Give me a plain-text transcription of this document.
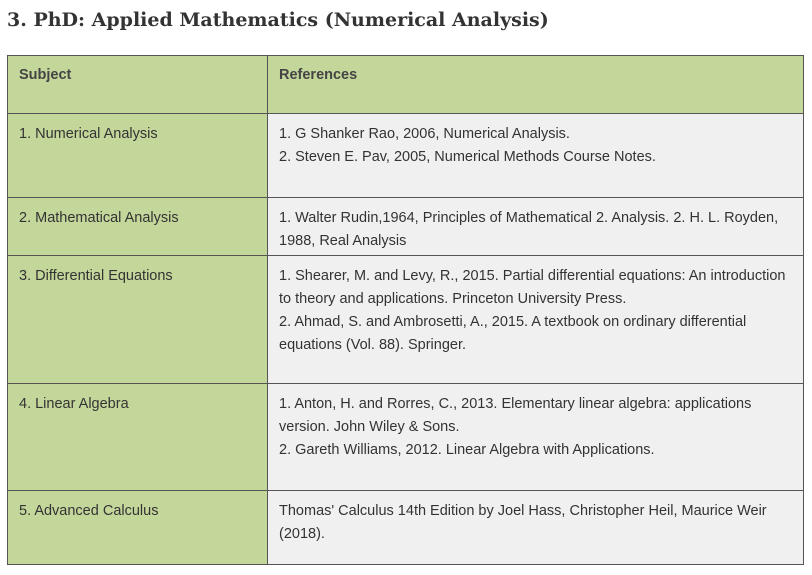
3. PhD: Applied Mathematics (Numerical Analysis)
Subject	References
1. Numerical Analysis	1. G Shanker Rao, 2006, Numerical Analysis.
2. Steven E. Pav, 2005, Numerical Methods Course Notes.

2. Mathematical Analysis	1. Walter Rudin,1964, Principles of Mathematical 2. Analysis. 2. H. L. Royden, 1988, Real Analysis

3. Differential Equations	1. Shearer, M. and Levy, R., 2015. Partial differential equations: An introduction to theory and applications. Princeton University Press.
2. Ahmad, S. and Ambrosetti, A., 2015. A textbook on ordinary differential equations (Vol. 88). Springer.

4. Linear Algebra	1. Anton, H. and Rorres, C., 2013. Elementary linear algebra: applications version. John Wiley & Sons.
2. Gareth Williams, 2012. Linear Algebra with Applications.

5. Advanced Calculus	Thomas' Calculus 14th Edition by Joel Hass, Christopher Heil, Maurice Weir (2018).
